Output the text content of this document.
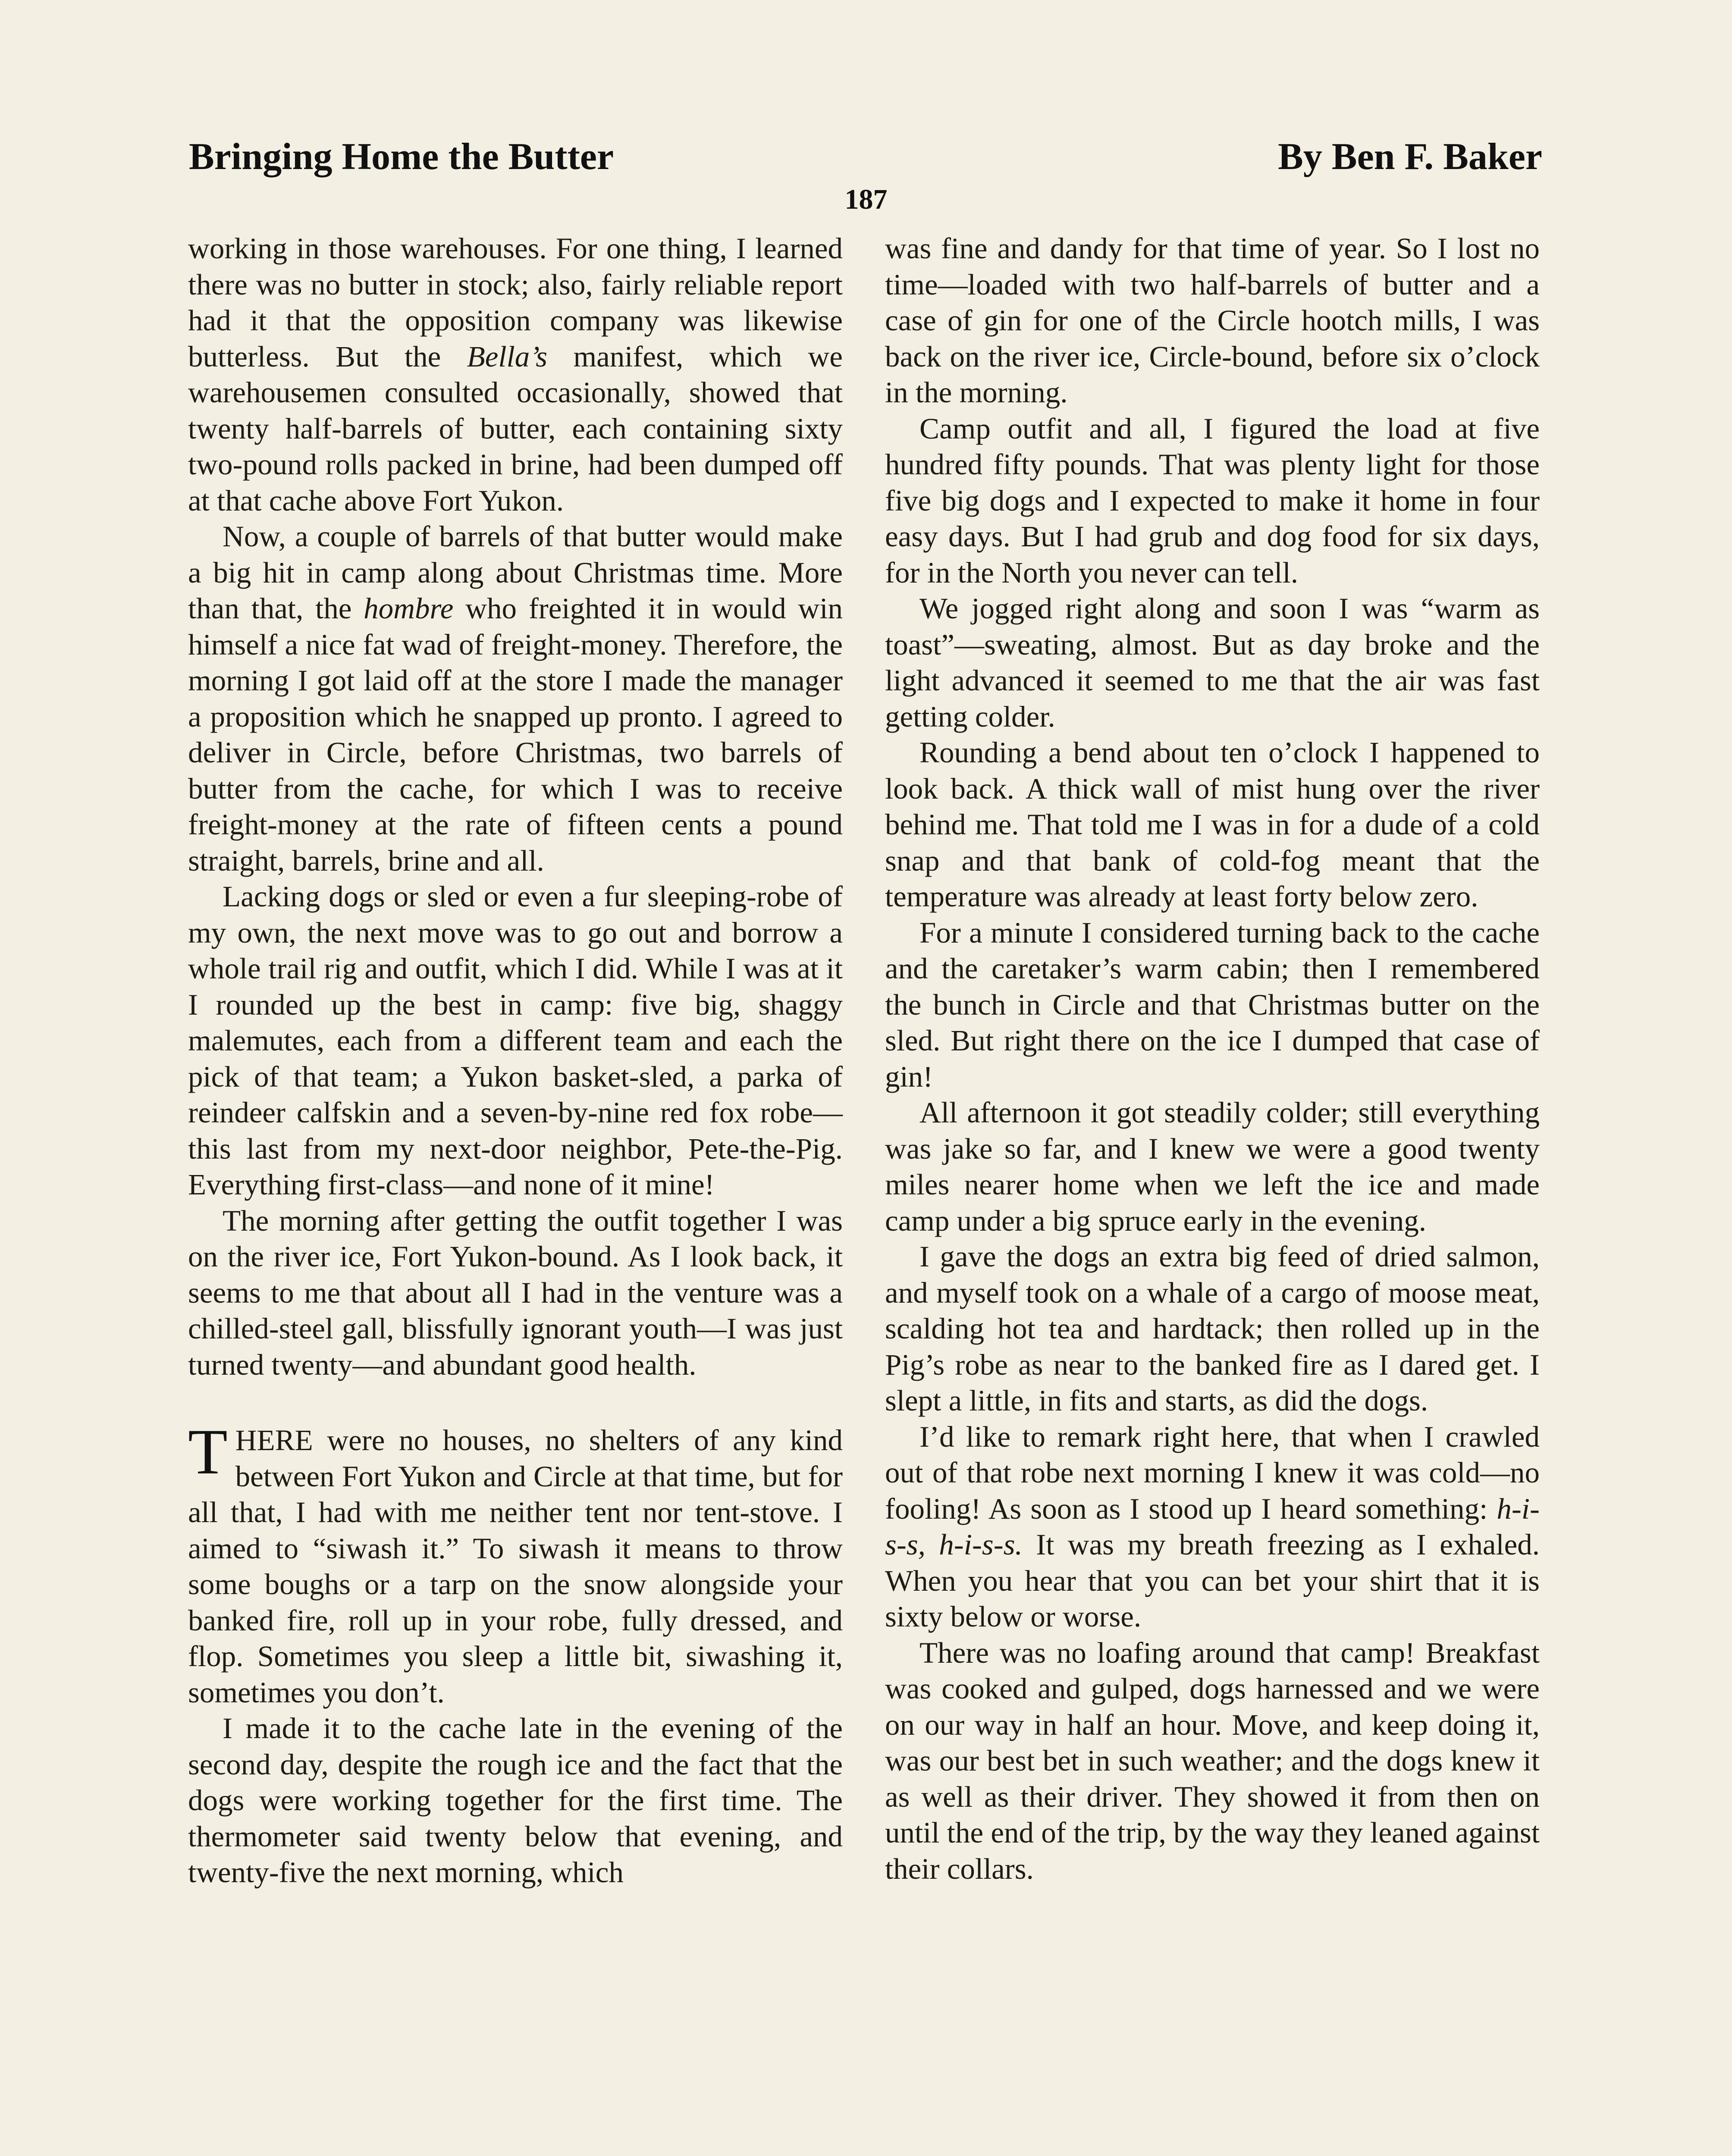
Bringing Home the Butter	By Ben F. Baker
187

working in those warehouses. For one thing, I learned there was no butter in stock; also, fairly reliable report had it that the opposition company was likewise butterless. But the Bella’s manifest, which we warehousemen consulted occasionally, showed that twenty half-barrels of butter, each containing sixty two-pound rolls packed in brine, had been dumped off at that cache above Fort Yukon.

Now, a couple of barrels of that butter would make a big hit in camp along about Christmas time. More than that, the hombre who freighted it in would win himself a nice fat wad of freight-money. Therefore, the morning I got laid off at the store I made the manager a proposition which he snapped up pronto. I agreed to deliver in Circle, before Christmas, two barrels of butter from the cache, for which I was to receive freight-money at the rate of fifteen cents a pound straight, barrels, brine and all.

Lacking dogs or sled or even a fur sleeping-robe of my own, the next move was to go out and borrow a whole trail rig and outfit, which I did. While I was at it I rounded up the best in camp: five big, shaggy malemutes, each from a different team and each the pick of that team; a Yukon basket-sled, a parka of reindeer calfskin and a seven-by-nine red fox robe—this last from my next-door neighbor, Pete-the-Pig. Everything first-class—and none of it mine!

The morning after getting the outfit together I was on the river ice, Fort Yukon-bound. As I look back, it seems to me that about all I had in the venture was a chilled-steel gall, blissfully ignorant youth—I was just turned twenty—and abundant good health.

THERE were no houses, no shelters of any kind between Fort Yukon and Circle at that time, but for all that, I had with me neither tent nor tent-stove. I aimed to “siwash it.” To siwash it means to throw some boughs or a tarp on the snow alongside your banked fire, roll up in your robe, fully dressed, and flop. Sometimes you sleep a little bit, siwashing it, sometimes you don’t.

I made it to the cache late in the evening of the second day, despite the rough ice and the fact that the dogs were working together for the first time. The thermometer said twenty below that evening, and twenty-five the next morning, which

was fine and dandy for that time of year. So I lost no time—loaded with two half-barrels of butter and a case of gin for one of the Circle hootch mills, I was back on the river ice, Circle-bound, before six o’clock in the morning.

Camp outfit and all, I figured the load at five hundred fifty pounds. That was plenty light for those five big dogs and I expected to make it home in four easy days. But I had grub and dog food for six days, for in the North you never can tell.

We jogged right along and soon I was “warm as toast”—sweating, almost. But as day broke and the light advanced it seemed to me that the air was fast getting colder.

Rounding a bend about ten o’clock I happened to look back. A thick wall of mist hung over the river behind me. That told me I was in for a dude of a cold snap and that bank of cold-fog meant that the temperature was already at least forty below zero.

For a minute I considered turning back to the cache and the caretaker’s warm cabin; then I remembered the bunch in Circle and that Christmas butter on the sled. But right there on the ice I dumped that case of gin!

All afternoon it got steadily colder; still everything was jake so far, and I knew we were a good twenty miles nearer home when we left the ice and made camp under a big spruce early in the evening.

I gave the dogs an extra big feed of dried salmon, and myself took on a whale of a cargo of moose meat, scalding hot tea and hardtack; then rolled up in the Pig’s robe as near to the banked fire as I dared get. I slept a little, in fits and starts, as did the dogs.

I’d like to remark right here, that when I crawled out of that robe next morning I knew it was cold—no fooling! As soon as I stood up I heard something: h-i-s-s, h-i-s-s. It was my breath freezing as I exhaled. When you hear that you can bet your shirt that it is sixty below or worse.

There was no loafing around that camp! Breakfast was cooked and gulped, dogs harnessed and we were on our way in half an hour. Move, and keep doing it, was our best bet in such weather; and the dogs knew it as well as their driver. They showed it from then on until the end of the trip, by the way they leaned against their collars.
